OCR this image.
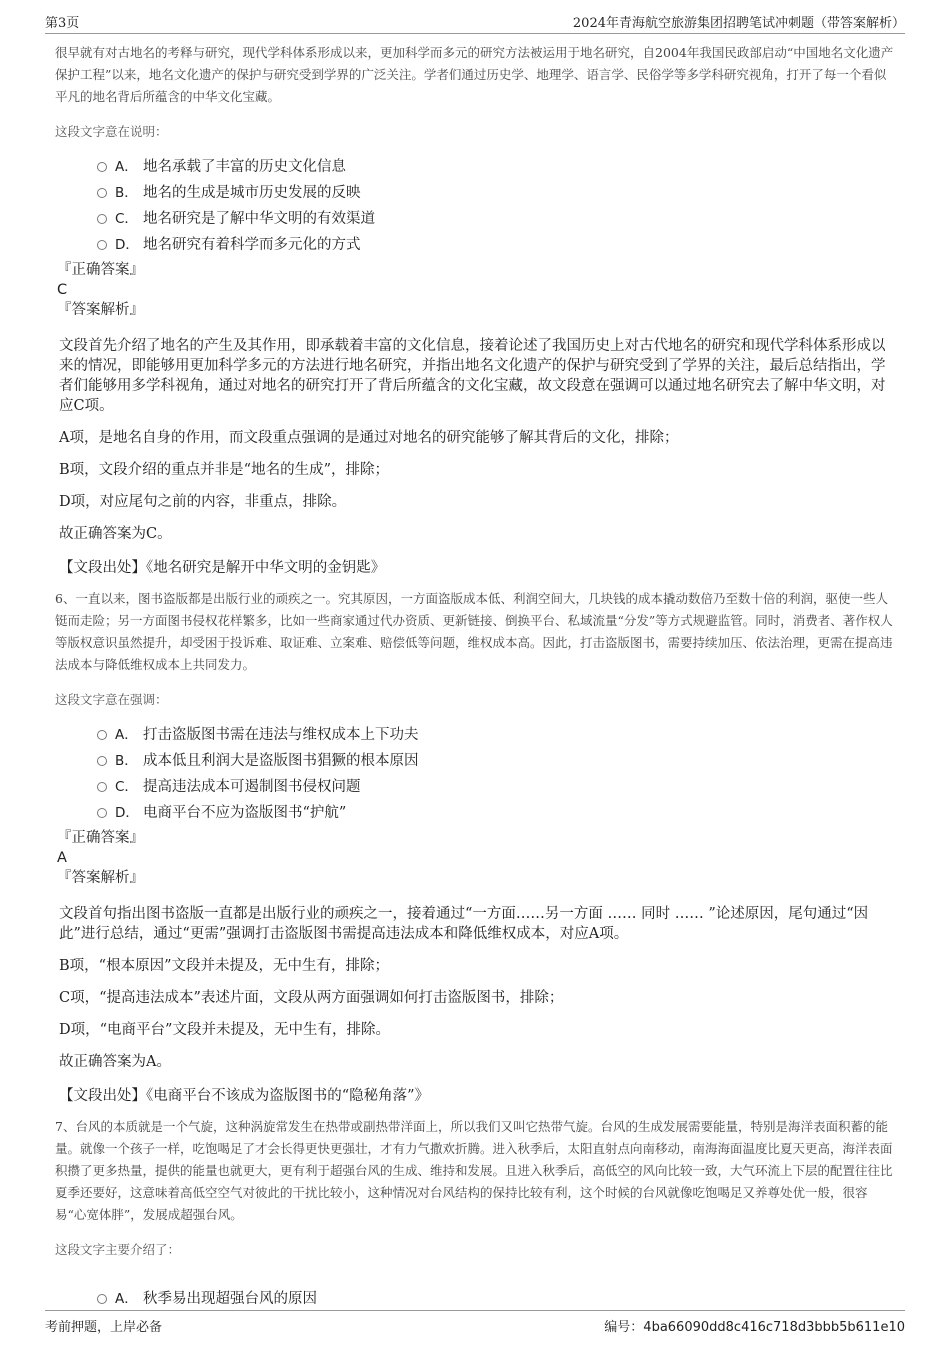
第3页	2024年青海航空旅游集团招聘笔试冲刺题（带答案解析）
很早就有对古地名的考释与研究，现代学科体系形成以来，更加科学而多元的研究方法被运用于地名研究，自2004年我国民政部启动“中国地名文化遗产保护工程”以来，地名文化遗产的保护与研究受到学界的广泛关注。学者们通过历史学、地理学、语言学、民俗学等多学科研究视角，打开了每一个看似平凡的地名背后所蕴含的中华文化宝藏。
这段文字意在说明：
A． 地名承载了丰富的历史文化信息
B． 地名的生成是城市历史发展的反映
C． 地名研究是了解中华文明的有效渠道
D． 地名研究有着科学而多元化的方式
『正确答案』
C
『答案解析』

文段首先介绍了地名的产生及其作用，即承载着丰富的文化信息，接着论述了我国历史上对古代地名的研究和现代学科体系形成以来的情况，即能够用更加科学多元的方法进行地名研究，并指出地名文化遗产的保护与研究受到了学界的关注，最后总结指出，学者们能够用多学科视角，通过对地名的研究打开了背后所蕴含的文化宝藏，故文段意在强调可以通过地名研究去了解中华文明，对应C项。

A项，是地名自身的作用，而文段重点强调的是通过对地名的研究能够了解其背后的文化，排除；

B项，文段介绍的重点并非是“地名的生成”，排除；

D项，对应尾句之前的内容，非重点，排除。

故正确答案为C。

【文段出处】《地名研究是解开中华文明的金钥匙》
6、一直以来，图书盗版都是出版行业的顽疾之一。究其原因，一方面盗版成本低、利润空间大，几块钱的成本撬动数倍乃至数十倍的利润，驱使一些人铤而走险；另一方面图书侵权花样繁多，比如一些商家通过代办资质、更新链接、倒换平台、私域流量“分发”等方式规避监管。同时，消费者、著作权人等版权意识虽然提升，却受困于投诉难、取证难、立案难、赔偿低等问题，维权成本高。因此，打击盗版图书，需要持续加压、依法治理，更需在提高违法成本与降低维权成本上共同发力。
这段文字意在强调：
A． 打击盗版图书需在违法与维权成本上下功夫
B． 成本低且利润大是盗版图书猖獗的根本原因
C． 提高违法成本可遏制图书侵权问题
D． 电商平台不应为盗版图书“护航”
『正确答案』
A
『答案解析』

文段首句指出图书盗版一直都是出版行业的顽疾之一，接着通过“一方面……另一方面 …… 同时 …… ”论述原因，尾句通过“因此”进行总结，通过“更需”强调打击盗版图书需提高违法成本和降低维权成本，对应A项。

B项，“根本原因”文段并未提及，无中生有，排除；

C项，“提高违法成本”表述片面，文段从两方面强调如何打击盗版图书，排除；

D项，“电商平台”文段并未提及，无中生有，排除。

故正确答案为A。

【文段出处】《电商平台不该成为盗版图书的“隐秘角落”》
7、台风的本质就是一个气旋，这种涡旋常发生在热带或副热带洋面上，所以我们又叫它热带气旋。台风的生成发展需要能量，特别是海洋表面积蓄的能量。就像一个孩子一样，吃饱喝足了才会长得更快更强壮，才有力气撒欢折腾。进入秋季后，太阳直射点向南移动，南海海面温度比夏天更高，海洋表面积攒了更多热量，提供的能量也就更大，更有利于超强台风的生成、维持和发展。且进入秋季后，高低空的风向比较一致，大气环流上下层的配置往往比夏季还要好，这意味着高低空空气对彼此的干扰比较小，这种情况对台风结构的保持比较有利，这个时候的台风就像吃饱喝足又养尊处优一般，很容易“心宽体胖”，发展成超强台风。
这段文字主要介绍了：
A． 秋季易出现超强台风的原因
考前押题，上岸必备	编号：4ba66090dd8c416c718d3bbb5b611e10
